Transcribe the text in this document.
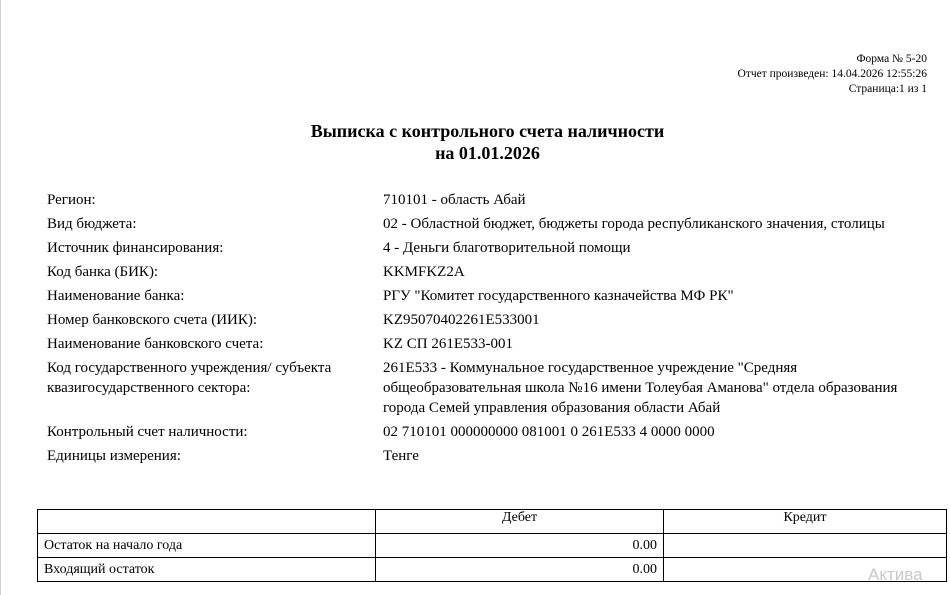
Форма № 5-20
Отчет произведен: 14.04.2026 12:55:26
Страница:1 из 1
Выписка с контрольного счета наличности
на 01.01.2026
Регион:	710101 - область Абай
Вид бюджета:	02 - Областной бюджет, бюджеты города республиканского значения, столицы
Источник финансирования:	4 - Деньги благотворительной помощи
Код банка (БИК):	KKMFKZ2A
Наименование банка:	РГУ "Комитет государственного казначейства МФ РК"
Номер банковского счета (ИИК):	KZ95070402261E533001
Наименование банковского счета:	KZ СП 261E533-001
Код государственного учреждения/ субъекта квазигосударственного сектора:
261E533 - Коммунальное государственное учреждение "Средняя общеобразовательная школа №16 имени Толеубая Аманова" отдела образования города Семей управления образования области Абай
Контрольный счет наличности:	02 710101 000000000 081001 0 261E533 4 0000 0000
Единицы измерения:	Тенге
	Дебет	Кредит
Остаток на начало года	0.00	
Входящий остаток	0.00		Актива
